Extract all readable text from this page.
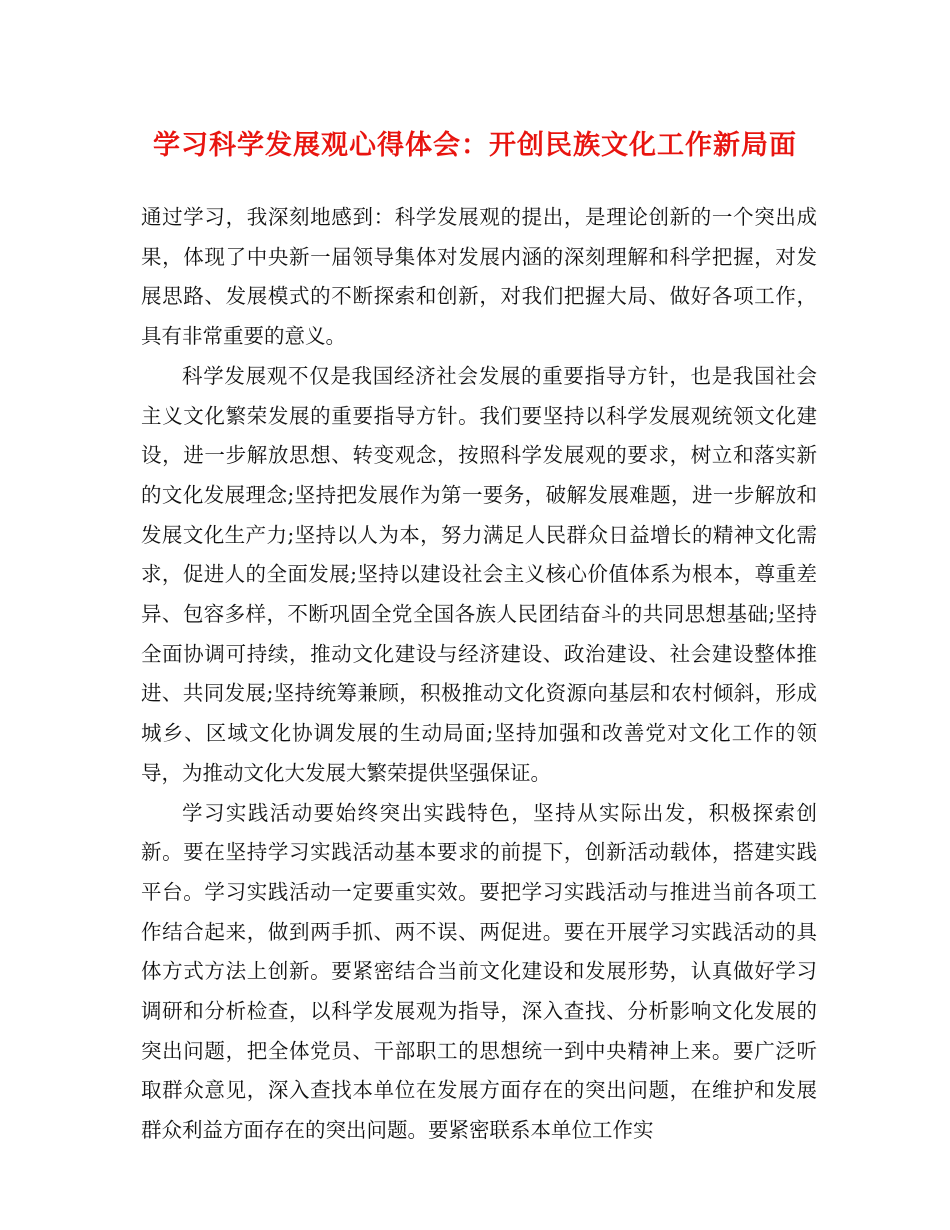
学习科学发展观心得体会：开创民族文化工作新局面

通过学习，我深刻地感到：科学发展观的提出，是理论创新的一个突出成果，体现了中央新一届领导集体对发展内涵的深刻理解和科学把握，对发展思路、发展模式的不断探索和创新，对我们把握大局、做好各项工作，具有非常重要的意义。

科学发展观不仅是我国经济社会发展的重要指导方针，也是我国社会主义文化繁荣发展的重要指导方针。我们要坚持以科学发展观统领文化建设，进一步解放思想、转变观念，按照科学发展观的要求，树立和落实新的文化发展理念;坚持把发展作为第一要务，破解发展难题，进一步解放和发展文化生产力;坚持以人为本，努力满足人民群众日益增长的精神文化需求，促进人的全面发展;坚持以建设社会主义核心价值体系为根本，尊重差异、包容多样，不断巩固全党全国各族人民团结奋斗的共同思想基础;坚持全面协调可持续，推动文化建设与经济建设、政治建设、社会建设整体推进、共同发展;坚持统筹兼顾，积极推动文化资源向基层和农村倾斜，形成城乡、区域文化协调发展的生动局面;坚持加强和改善党对文化工作的领导，为推动文化大发展大繁荣提供坚强保证。

学习实践活动要始终突出实践特色，坚持从实际出发，积极探索创新。要在坚持学习实践活动基本要求的前提下，创新活动载体，搭建实践平台。学习实践活动一定要重实效。要把学习实践活动与推进当前各项工作结合起来，做到两手抓、两不误、两促进。要在开展学习实践活动的具体方式方法上创新。要紧密结合当前文化建设和发展形势，认真做好学习调研和分析检查，以科学发展观为指导，深入查找、分析影响文化发展的突出问题，把全体党员、干部职工的思想统一到中央精神上来。要广泛听取群众意见，深入查找本单位在发展方面存在的突出问题，在维护和发展群众利益方面存在的突出问题。要紧密联系本单位工作实
